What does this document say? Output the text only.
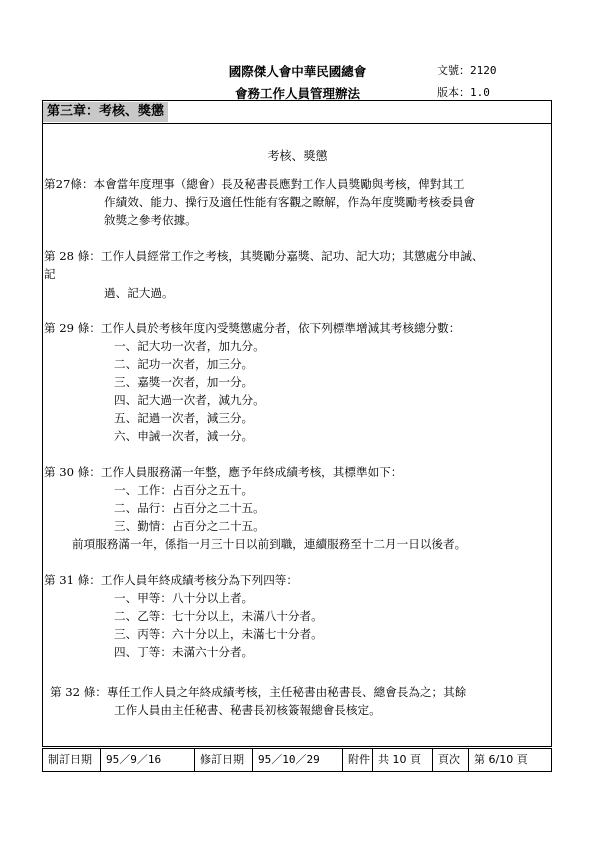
國際傑人會中華民國總會
會務工作人員管理辦法
文號：2120
版本：1.0
第三章：考核、獎懲
考核、獎懲
第27條：本會當年度理事（總會）長及秘書長應對工作人員獎勵與考核，俾對其工
作績效、能力、操行及適任性能有客觀之瞭解，作為年度獎勵考核委員會
敘獎之參考依據。
第 28 條：工作人員經常工作之考核，其獎勵分嘉獎、記功、記大功；其懲處分申誡、
記
過、記大過。
第 29 條：工作人員於考核年度內受獎懲處分者，依下列標準增減其考核總分數：
一、記大功一次者，加九分。
二、記功一次者，加三分。
三、嘉獎一次者，加一分。
四、記大過一次者，減九分。
五、記過一次者，減三分。
六、申誡一次者，減一分。
第 30 條：工作人員服務滿一年整，應予年終成績考核，其標準如下：
一、工作：占百分之五十。
二、品行：占百分之二十五。
三、勤情：占百分之二十五。
前項服務滿一年，係指一月三十日以前到職，連續服務至十二月一日以後者。
第 31 條：工作人員年終成績考核分為下列四等：
一、甲等：八十分以上者。
二、乙等：七十分以上，未滿八十分者。
三、丙等：六十分以上，未滿七十分者。
四、丁等：未滿六十分者。
第 32 條：專任工作人員之年終成績考核，主任秘書由秘書長、總會長為之；其餘
工作人員由主任秘書、秘書長初核簽報總會長核定。
制訂日期	95／9／16	修訂日期	95／10／29	附件 共 10 頁	頁次	第 6/10 頁
